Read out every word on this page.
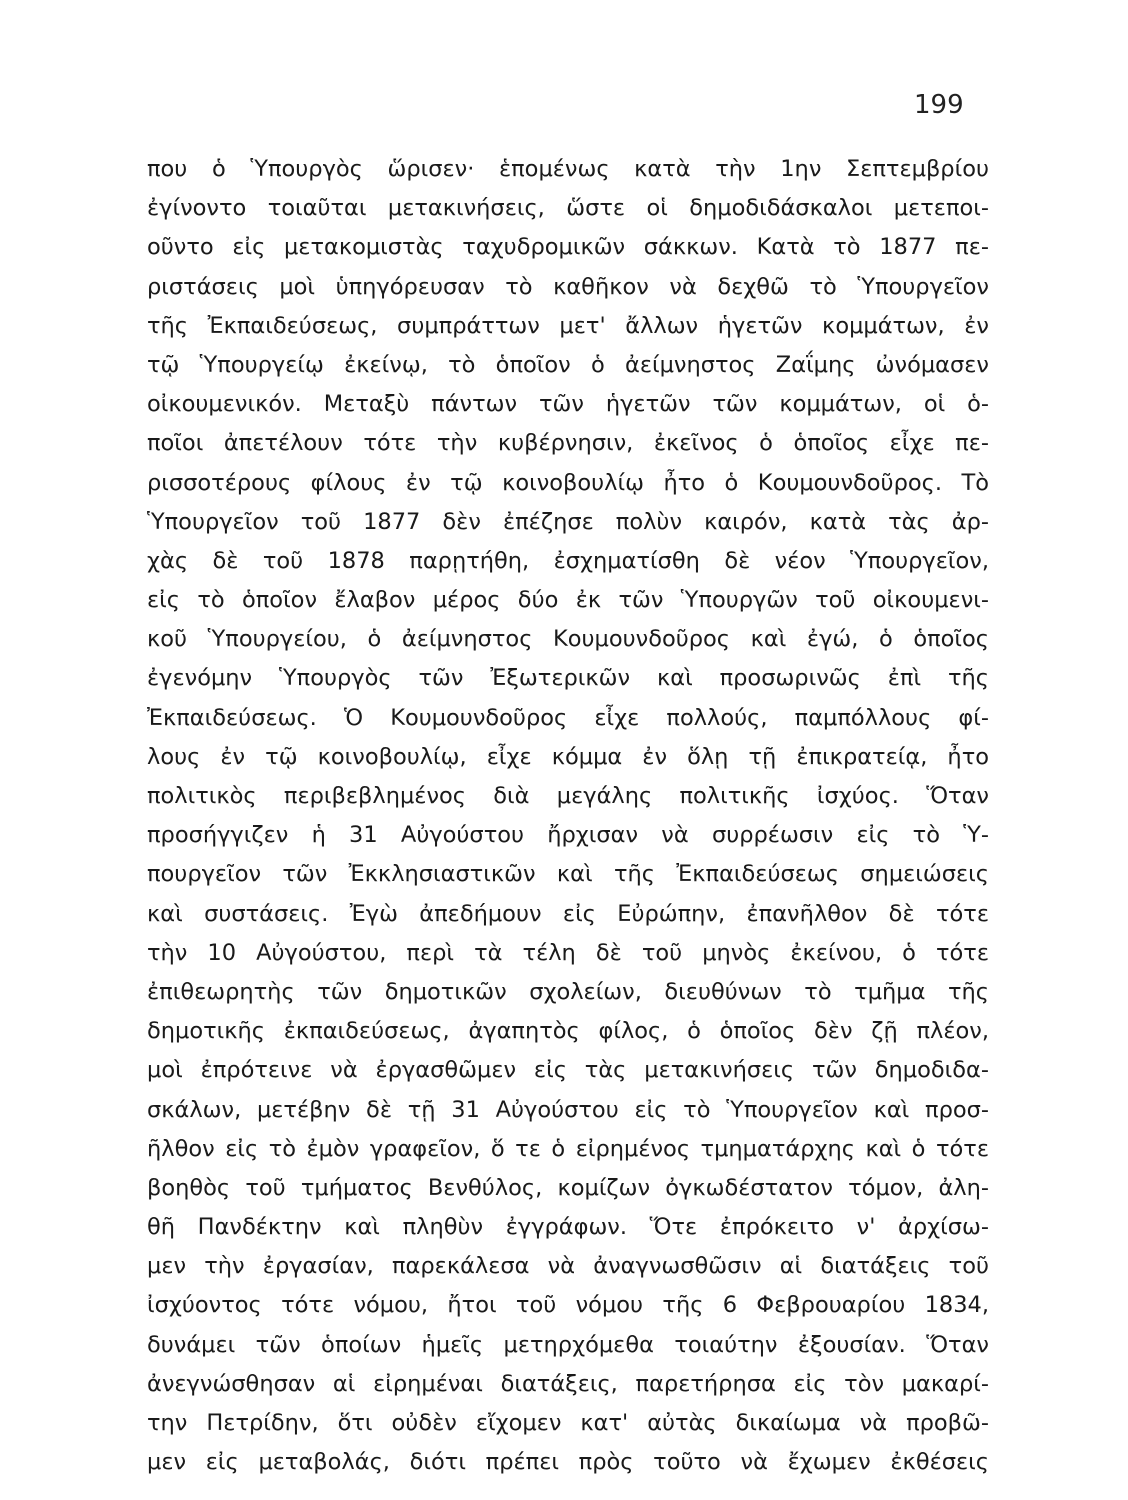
199
που ὁ Ὑπουργὸς ὥρισεν· ἑπομένως κατὰ τὴν 1ην Σεπτεμβρίου
ἐγίνοντο τοιαῦται μετακινήσεις, ὥστε οἱ δημοδιδάσκαλοι μετεποι-
οῦντο εἰς μετακομιστὰς ταχυδρομικῶν σάκκων. Κατὰ τὸ 1877 πε-
ριστάσεις μοὶ ὑπηγόρευσαν τὸ καθῆκον νὰ δεχθῶ τὸ Ὑπουργεῖον
τῆς Ἐκπαιδεύσεως, συμπράττων μετ' ἄλλων ἡγετῶν κομμάτων, ἐν
τῷ Ὑπουργείῳ ἐκείνῳ, τὸ ὁποῖον ὁ ἀείμνηστος Ζαΐμης ὠνόμασεν
οἰκουμενικόν. Μεταξὺ πάντων τῶν ἡγετῶν τῶν κομμάτων, οἱ ὁ-
ποῖοι ἀπετέλουν τότε τὴν κυβέρνησιν, ἐκεῖνος ὁ ὁποῖος εἶχε πε-
ρισσοτέρους φίλους ἐν τῷ κοινοβουλίῳ ἦτο ὁ Κουμουνδοῦρος. Τὸ
Ὑπουργεῖον τοῦ 1877 δὲν ἐπέζησε πολὺν καιρόν, κατὰ τὰς ἀρ-
χὰς δὲ τοῦ 1878 παρῃτήθη, ἐσχηματίσθη δὲ νέον Ὑπουργεῖον,
εἰς τὸ ὁποῖον ἔλαβον μέρος δύο ἐκ τῶν Ὑπουργῶν τοῦ οἰκουμενι-
κοῦ Ὑπουργείου, ὁ ἀείμνηστος Κουμουνδοῦρος καὶ ἐγώ, ὁ ὁποῖος
ἐγενόμην Ὑπουργὸς τῶν Ἐξωτερικῶν καὶ προσωρινῶς ἐπὶ τῆς
Ἐκπαιδεύσεως. Ὁ Κουμουνδοῦρος εἶχε πολλούς, παμπόλλους φί-
λους ἐν τῷ κοινοβουλίῳ, εἶχε κόμμα ἐν ὅλῃ τῇ ἐπικρατείᾳ, ἦτο
πολιτικὸς περιβεβλημένος διὰ μεγάλης πολιτικῆς ἰσχύος. Ὅταν
προσήγγιζεν ἡ 31 Αὐγούστου ἤρχισαν νὰ συρρέωσιν εἰς τὸ Ὑ-
πουργεῖον τῶν Ἐκκλησιαστικῶν καὶ τῆς Ἐκπαιδεύσεως σημειώσεις
καὶ συστάσεις. Ἐγὼ ἀπεδήμουν εἰς Εὐρώπην, ἐπανῆλθον δὲ τότε
τὴν 10 Αὐγούστου, περὶ τὰ τέλη δὲ τοῦ μηνὸς ἐκείνου, ὁ τότε
ἐπιθεωρητὴς τῶν δημοτικῶν σχολείων, διευθύνων τὸ τμῆμα τῆς
δημοτικῆς ἐκπαιδεύσεως, ἀγαπητὸς φίλος, ὁ ὁποῖος δὲν ζῇ πλέον,
μοὶ ἐπρότεινε νὰ ἐργασθῶμεν εἰς τὰς μετακινήσεις τῶν δημοδιδα-
σκάλων, μετέβην δὲ τῇ 31 Αὐγούστου εἰς τὸ Ὑπουργεῖον καὶ προσ-
ῆλθον εἰς τὸ ἐμὸν γραφεῖον, ὅ τε ὁ εἰρημένος τμηματάρχης καὶ ὁ τότε
βοηθὸς τοῦ τμήματος Βενθύλος, κομίζων ὀγκωδέστατον τόμον, ἀλη-
θῆ Πανδέκτην καὶ πληθὺν ἐγγράφων. Ὅτε ἐπρόκειτο ν' ἀρχίσω-
μεν τὴν ἐργασίαν, παρεκάλεσα νὰ ἀναγνωσθῶσιν αἱ διατάξεις τοῦ
ἰσχύοντος τότε νόμου, ἤτοι τοῦ νόμου τῆς 6 Φεβρουαρίου 1834,
δυνάμει τῶν ὁποίων ἡμεῖς μετηρχόμεθα τοιαύτην ἐξουσίαν. Ὅταν
ἀνεγνώσθησαν αἱ εἰρημέναι διατάξεις, παρετήρησα εἰς τὸν μακαρί-
την Πετρίδην, ὅτι οὐδὲν εἴχομεν κατ' αὐτὰς δικαίωμα νὰ προβῶ-
μεν εἰς μεταβολάς, διότι πρέπει πρὸς τοῦτο νὰ ἔχωμεν ἐκθέσεις
